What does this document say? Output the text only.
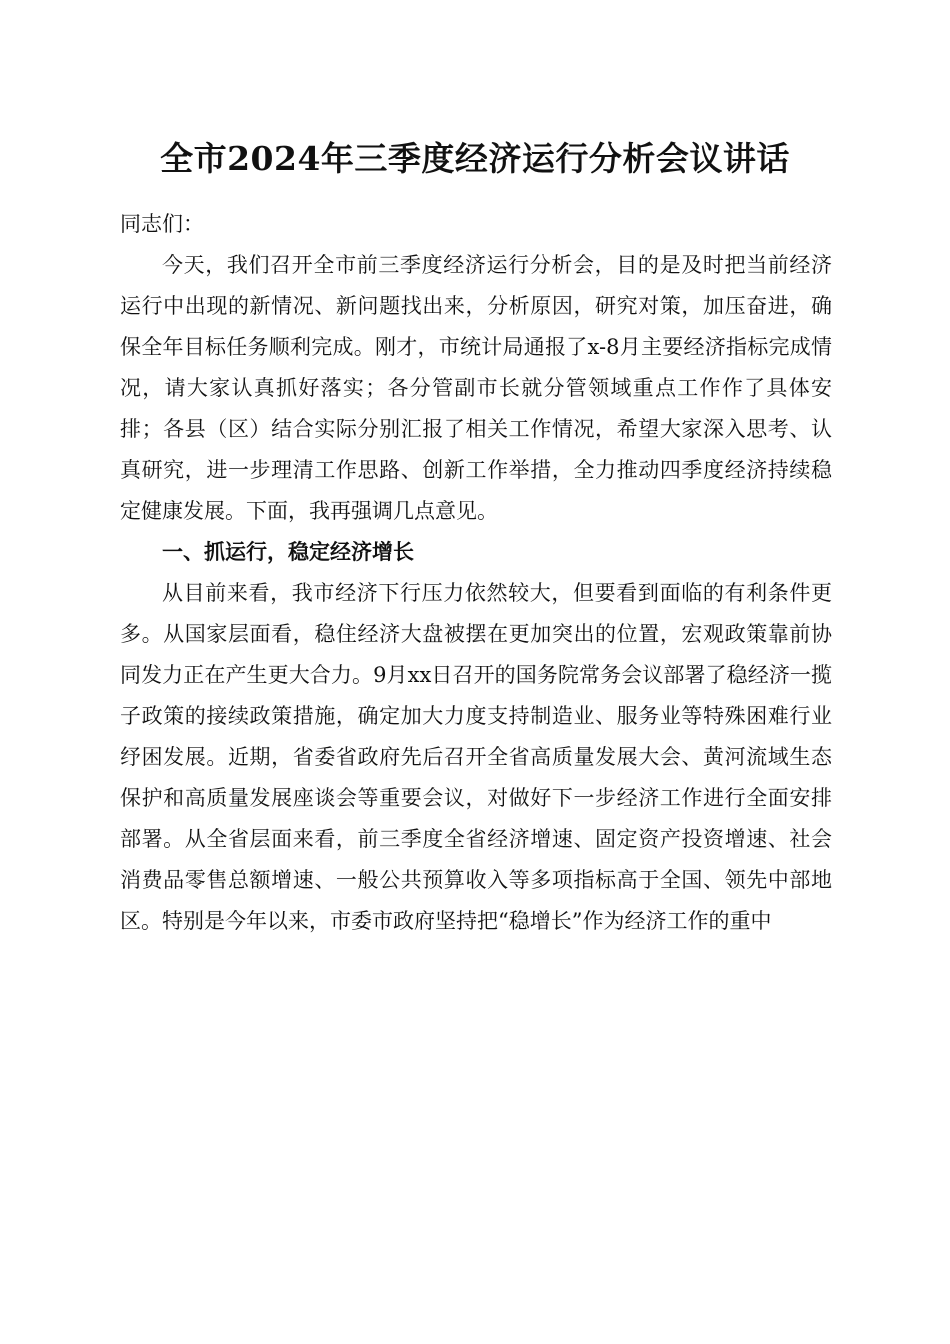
全市2024年三季度经济运行分析会议讲话

同志们：

今天，我们召开全市前三季度经济运行分析会，目的是及时把当前经济运行中出现的新情况、新问题找出来，分析原因，研究对策，加压奋进，确保全年目标任务顺利完成。刚才，市统计局通报了x-8月主要经济指标完成情况，请大家认真抓好落实；各分管副市长就分管领域重点工作作了具体安排；各县（区）结合实际分别汇报了相关工作情况，希望大家深入思考、认真研究，进一步理清工作思路、创新工作举措，全力推动四季度经济持续稳定健康发展。下面，我再强调几点意见。

一、抓运行，稳定经济增长

从目前来看，我市经济下行压力依然较大，但要看到面临的有利条件更多。从国家层面看，稳住经济大盘被摆在更加突出的位置，宏观政策靠前协同发力正在产生更大合力。9月xx日召开的国务院常务会议部署了稳经济一揽子政策的接续政策措施，确定加大力度支持制造业、服务业等特殊困难行业纾困发展。近期，省委省政府先后召开全省高质量发展大会、黄河流域生态保护和高质量发展座谈会等重要会议，对做好下一步经济工作进行全面安排部署。从全省层面来看，前三季度全省经济增速、固定资产投资增速、社会消费品零售总额增速、一般公共预算收入等多项指标高于全国、领先中部地区。特别是今年以来，市委市政府坚持把“稳增长”作为经济工作的重中
